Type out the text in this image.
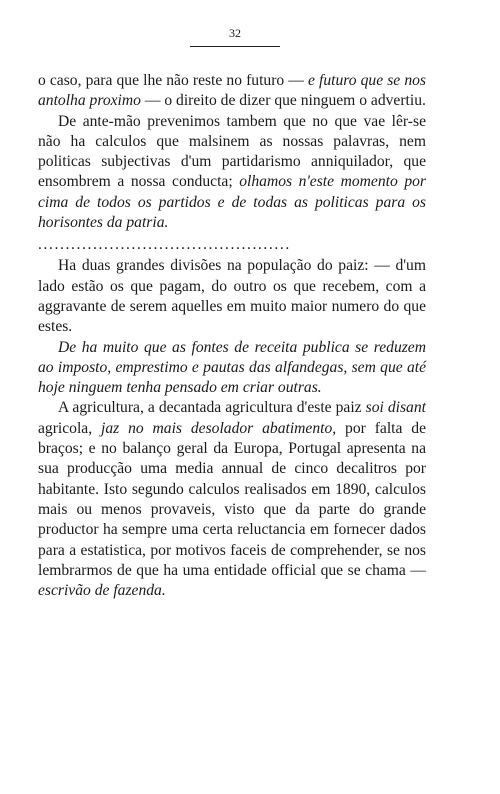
32

o caso, para que lhe não reste no futuro — e futuro que se nos antolha proximo — o direito de dizer que ninguem o advertiu.

De ante-mão prevenimos tambem que no que vae lêr-se não ha calculos que malsinem as nossas palavras, nem politicas subjectivas d'um partidarismo anniquilador, que ensombrem a nossa conducta; olhamos n'este momento por cima de todos os partidos e de todas as politicas para os horisontes da patria.

..............................................

Ha duas grandes divisões na população do paiz: — d'um lado estão os que pagam, do outro os que recebem, com a aggravante de serem aquelles em muito maior numero do que estes.

De ha muito que as fontes de receita publica se reduzem ao imposto, emprestimo e pautas das alfandegas, sem que até hoje ninguem tenha pensado em criar outras.

A agricultura, a decantada agricultura d'este paiz soi disant agricola, jaz no mais desolador abatimento, por falta de braços; e no balanço geral da Europa, Portugal apresenta na sua producção uma media annual de cinco decalitros por habitante. Isto segundo calculos realisados em 1890, calculos mais ou menos provaveis, visto que da parte do grande productor ha sempre uma certa reluctancia em fornecer dados para a estatistica, por motivos faceis de comprehender, se nos lembrarmos de que ha uma entidade official que se chama — escrivão de fazenda.
